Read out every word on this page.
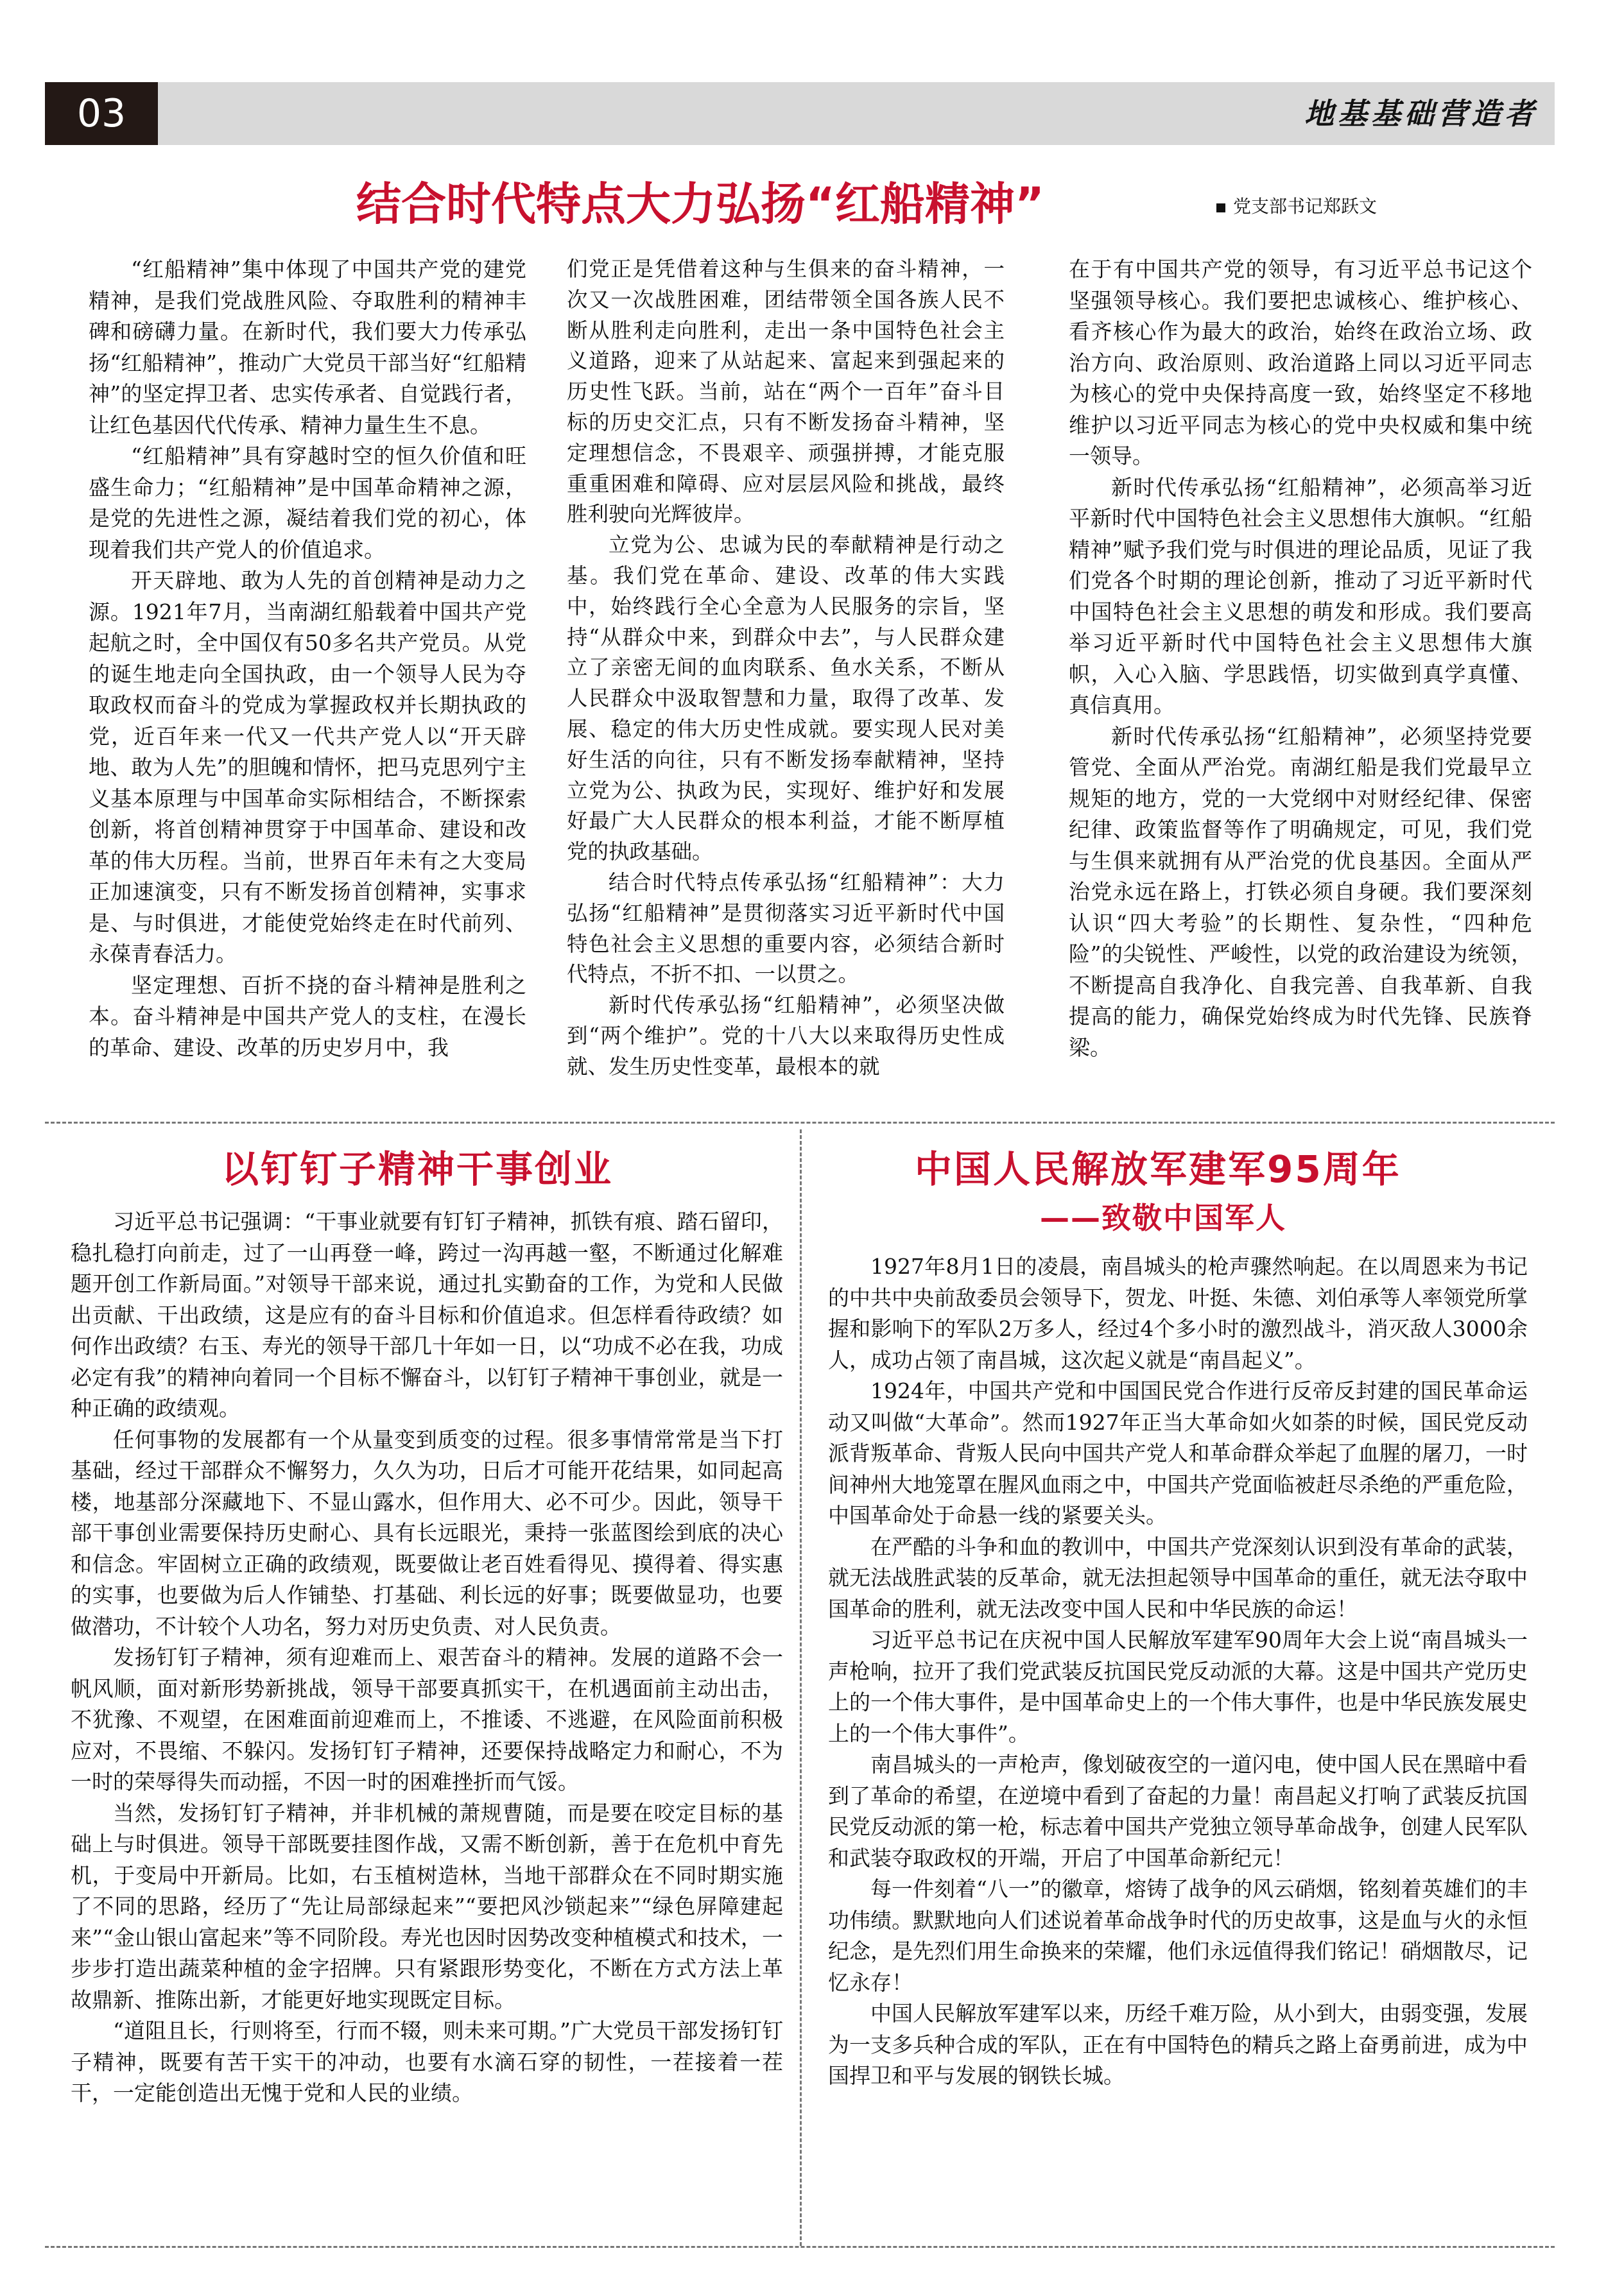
03	地基基础营造者
结合时代特点大力弘扬“红船精神”	党支部书记郑跃文

“红船精神”集中体现了中国共产党的建党精神，是我们党战胜风险、夺取胜利的精神丰碑和磅礴力量。在新时代，我们要大力传承弘扬“红船精神”，推动广大党员干部当好“红船精神”的坚定捍卫者、忠实传承者、自觉践行者，让红色基因代代传承、精神力量生生不息。

“红船精神”具有穿越时空的恒久价值和旺盛生命力；“红船精神”是中国革命精神之源，是党的先进性之源，凝结着我们党的初心，体现着我们共产党人的价值追求。

开天辟地、敢为人先的首创精神是动力之源。1921年7月，当南湖红船载着中国共产党起航之时，全中国仅有50多名共产党员。从党的诞生地走向全国执政，由一个领导人民为夺取政权而奋斗的党成为掌握政权并长期执政的党，近百年来一代又一代共产党人以“开天辟地、敢为人先”的胆魄和情怀，把马克思列宁主义基本原理与中国革命实际相结合，不断探索创新，将首创精神贯穿于中国革命、建设和改革的伟大历程。当前，世界百年未有之大变局正加速演变，只有不断发扬首创精神，实事求是、与时俱进，才能使党始终走在时代前列、永葆青春活力。

坚定理想、百折不挠的奋斗精神是胜利之本。奋斗精神是中国共产党人的支柱，在漫长的革命、建设、改革的历史岁月中，我

们党正是凭借着这种与生俱来的奋斗精神，一次又一次战胜困难，团结带领全国各族人民不断从胜利走向胜利，走出一条中国特色社会主义道路，迎来了从站起来、富起来到强起来的历史性飞跃。当前，站在“两个一百年”奋斗目标的历史交汇点，只有不断发扬奋斗精神，坚定理想信念，不畏艰辛、顽强拼搏，才能克服重重困难和障碍、应对层层风险和挑战，最终胜利驶向光辉彼岸。

立党为公、忠诚为民的奉献精神是行动之基。我们党在革命、建设、改革的伟大实践中，始终践行全心全意为人民服务的宗旨，坚持“从群众中来，到群众中去”，与人民群众建立了亲密无间的血肉联系、鱼水关系，不断从人民群众中汲取智慧和力量，取得了改革、发展、稳定的伟大历史性成就。要实现人民对美好生活的向往，只有不断发扬奉献精神，坚持立党为公、执政为民，实现好、维护好和发展好最广大人民群众的根本利益，才能不断厚植党的执政基础。

结合时代特点传承弘扬“红船精神”：大力弘扬“红船精神”是贯彻落实习近平新时代中国特色社会主义思想的重要内容，必须结合新时代特点，不折不扣、一以贯之。

新时代传承弘扬“红船精神”，必须坚决做到“两个维护”。党的十八大以来取得历史性成就、发生历史性变革，最根本的就

在于有中国共产党的领导，有习近平总书记这个坚强领导核心。我们要把忠诚核心、维护核心、看齐核心作为最大的政治，始终在政治立场、政治方向、政治原则、政治道路上同以习近平同志为核心的党中央保持高度一致，始终坚定不移地维护以习近平同志为核心的党中央权威和集中统一领导。

新时代传承弘扬“红船精神”，必须高举习近平新时代中国特色社会主义思想伟大旗帜。“红船精神”赋予我们党与时俱进的理论品质，见证了我们党各个时期的理论创新，推动了习近平新时代中国特色社会主义思想的萌发和形成。我们要高举习近平新时代中国特色社会主义思想伟大旗帜，入心入脑、学思践悟，切实做到真学真懂、真信真用。

新时代传承弘扬“红船精神”，必须坚持党要管党、全面从严治党。南湖红船是我们党最早立规矩的地方，党的一大党纲中对财经纪律、保密纪律、政策监督等作了明确规定，可见，我们党与生俱来就拥有从严治党的优良基因。全面从严治党永远在路上，打铁必须自身硬。我们要深刻认识“四大考验”的长期性、复杂性，“四种危险”的尖锐性、严峻性，以党的政治建设为统领，不断提高自我净化、自我完善、自我革新、自我提高的能力，确保党始终成为时代先锋、民族脊梁。

以钉钉子精神干事创业

习近平总书记强调：“干事业就要有钉钉子精神，抓铁有痕、踏石留印，稳扎稳打向前走，过了一山再登一峰，跨过一沟再越一壑，不断通过化解难题开创工作新局面。”对领导干部来说，通过扎实勤奋的工作，为党和人民做出贡献、干出政绩，这是应有的奋斗目标和价值追求。但怎样看待政绩？如何作出政绩？右玉、寿光的领导干部几十年如一日，以“功成不必在我，功成必定有我”的精神向着同一个目标不懈奋斗，以钉钉子精神干事创业，就是一种正确的政绩观。

任何事物的发展都有一个从量变到质变的过程。很多事情常常是当下打基础，经过干部群众不懈努力，久久为功，日后才可能开花结果，如同起高楼，地基部分深藏地下、不显山露水，但作用大、必不可少。因此，领导干部干事创业需要保持历史耐心、具有长远眼光，秉持一张蓝图绘到底的决心和信念。牢固树立正确的政绩观，既要做让老百姓看得见、摸得着、得实惠的实事，也要做为后人作铺垫、打基础、利长远的好事；既要做显功，也要做潜功，不计较个人功名，努力对历史负责、对人民负责。

发扬钉钉子精神，须有迎难而上、艰苦奋斗的精神。发展的道路不会一帆风顺，面对新形势新挑战，领导干部要真抓实干，在机遇面前主动出击，不犹豫、不观望，在困难面前迎难而上，不推诿、不逃避，在风险面前积极应对，不畏缩、不躲闪。发扬钉钉子精神，还要保持战略定力和耐心，不为一时的荣辱得失而动摇，不因一时的困难挫折而气馁。

当然，发扬钉钉子精神，并非机械的萧规曹随，而是要在咬定目标的基础上与时俱进。领导干部既要挂图作战，又需不断创新，善于在危机中育先机，于变局中开新局。比如，右玉植树造林，当地干部群众在不同时期实施了不同的思路，经历了“先让局部绿起来”“要把风沙锁起来”“绿色屏障建起来”“金山银山富起来”等不同阶段。寿光也因时因势改变种植模式和技术，一步步打造出蔬菜种植的金字招牌。只有紧跟形势变化，不断在方式方法上革故鼎新、推陈出新，才能更好地实现既定目标。

“道阻且长，行则将至，行而不辍，则未来可期。”广大党员干部发扬钉钉子精神，既要有苦干实干的冲动，也要有水滴石穿的韧性，一茬接着一茬干，一定能创造出无愧于党和人民的业绩。

中国人民解放军建军95周年
——致敬中国军人

1927年8月1日的凌晨，南昌城头的枪声骤然响起。在以周恩来为书记的中共中央前敌委员会领导下，贺龙、叶挺、朱德、刘伯承等人率领党所掌握和影响下的军队2万多人，经过4个多小时的激烈战斗，消灭敌人3000余人，成功占领了南昌城，这次起义就是“南昌起义”。

1924年，中国共产党和中国国民党合作进行反帝反封建的国民革命运动又叫做“大革命”。然而1927年正当大革命如火如荼的时候，国民党反动派背叛革命、背叛人民向中国共产党人和革命群众举起了血腥的屠刀，一时间神州大地笼罩在腥风血雨之中，中国共产党面临被赶尽杀绝的严重危险，中国革命处于命悬一线的紧要关头。

在严酷的斗争和血的教训中，中国共产党深刻认识到没有革命的武装，就无法战胜武装的反革命，就无法担起领导中国革命的重任，就无法夺取中国革命的胜利，就无法改变中国人民和中华民族的命运！

习近平总书记在庆祝中国人民解放军建军90周年大会上说“南昌城头一声枪响，拉开了我们党武装反抗国民党反动派的大幕。这是中国共产党历史上的一个伟大事件，是中国革命史上的一个伟大事件，也是中华民族发展史上的一个伟大事件”。

南昌城头的一声枪声，像划破夜空的一道闪电，使中国人民在黑暗中看到了革命的希望，在逆境中看到了奋起的力量！南昌起义打响了武装反抗国民党反动派的第一枪，标志着中国共产党独立领导革命战争，创建人民军队和武装夺取政权的开端，开启了中国革命新纪元！

每一件刻着“八一”的徽章，熔铸了战争的风云硝烟，铭刻着英雄们的丰功伟绩。默默地向人们述说着革命战争时代的历史故事，这是血与火的永恒纪念，是先烈们用生命换来的荣耀，他们永远值得我们铭记！硝烟散尽，记忆永存！

中国人民解放军建军以来，历经千难万险，从小到大，由弱变强，发展为一支多兵种合成的军队，正在有中国特色的精兵之路上奋勇前进，成为中国捍卫和平与发展的钢铁长城。
